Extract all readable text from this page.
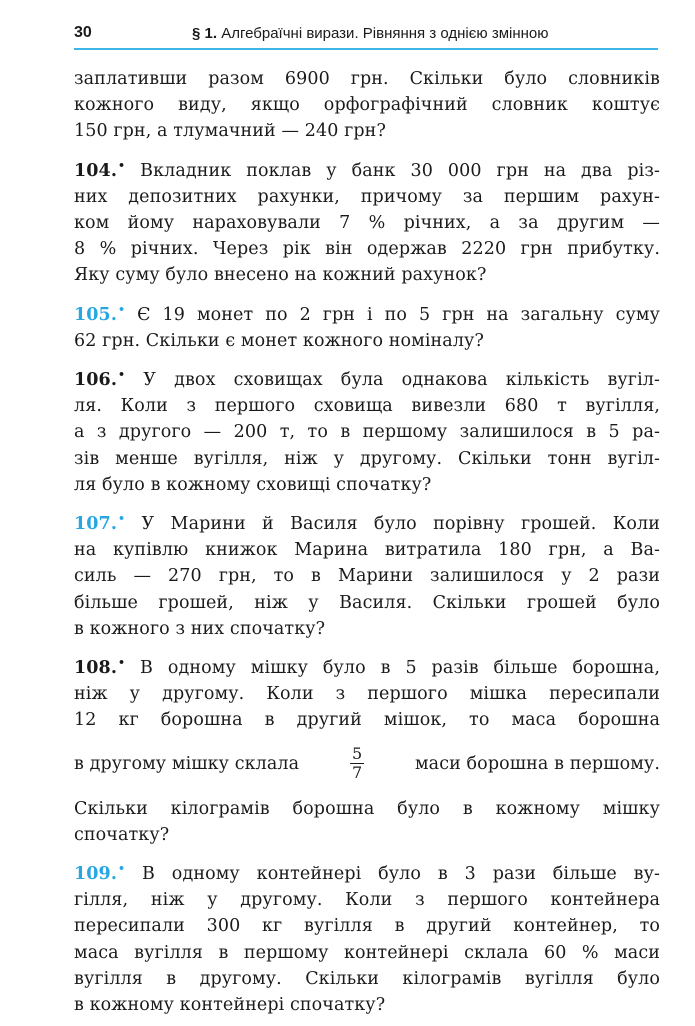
30	§ 1. Алгебраїчні вирази. Рівняння з однією змінною
заплативши разом 6900 грн. Скільки було словників
кожного виду, якщо орфографічний словник коштує
150 грн, а тлумачний — 240 грн?
104.• Вкладник поклав у банк 30 000 грн на два різ-
них депозитних рахунки, причому за першим рахун-
ком йому нараховували 7 % річних, а за другим —
8 % річних. Через рік він одержав 2220 грн прибутку.
Яку суму було внесено на кожний рахунок?
105.• Є 19 монет по 2 грн і по 5 грн на загальну суму
62 грн. Скільки є монет кожного номіналу?
106.• У двох сховищах була однакова кількість вугіл-
ля. Коли з першого сховища вивезли 680 т вугілля,
а з другого — 200 т, то в першому залишилося в 5 ра-
зів менше вугілля, ніж у другому. Скільки тонн вугіл-
ля було в кожному сховищі спочатку?
107.• У Марини й Василя було порівну грошей. Коли
на купівлю книжок Марина витратила 180 грн, а Ва-
силь — 270 грн, то в Марини залишилося у 2 рази
більше грошей, ніж у Василя. Скільки грошей було
в кожного з них спочатку?
108.• В одному мішку було в 5 разів більше борошна,
ніж у другому. Коли з першого мішка пересипали
12 кг борошна в другий мішок, то маса борошна
в другому мішку склала	$\frac{5}{7}$	маси борошна в першому.
Скільки кілограмів борошна було в кожному мішку
спочатку?
109.• В одному контейнері було в 3 рази більше ву-
гілля, ніж у другому. Коли з першого контейнера
пересипали 300 кг вугілля в другий контейнер, то
маса вугілля в першому контейнері склала 60 % маси
вугілля в другому. Скільки кілограмів вугілля було
в кожному контейнері спочатку?
